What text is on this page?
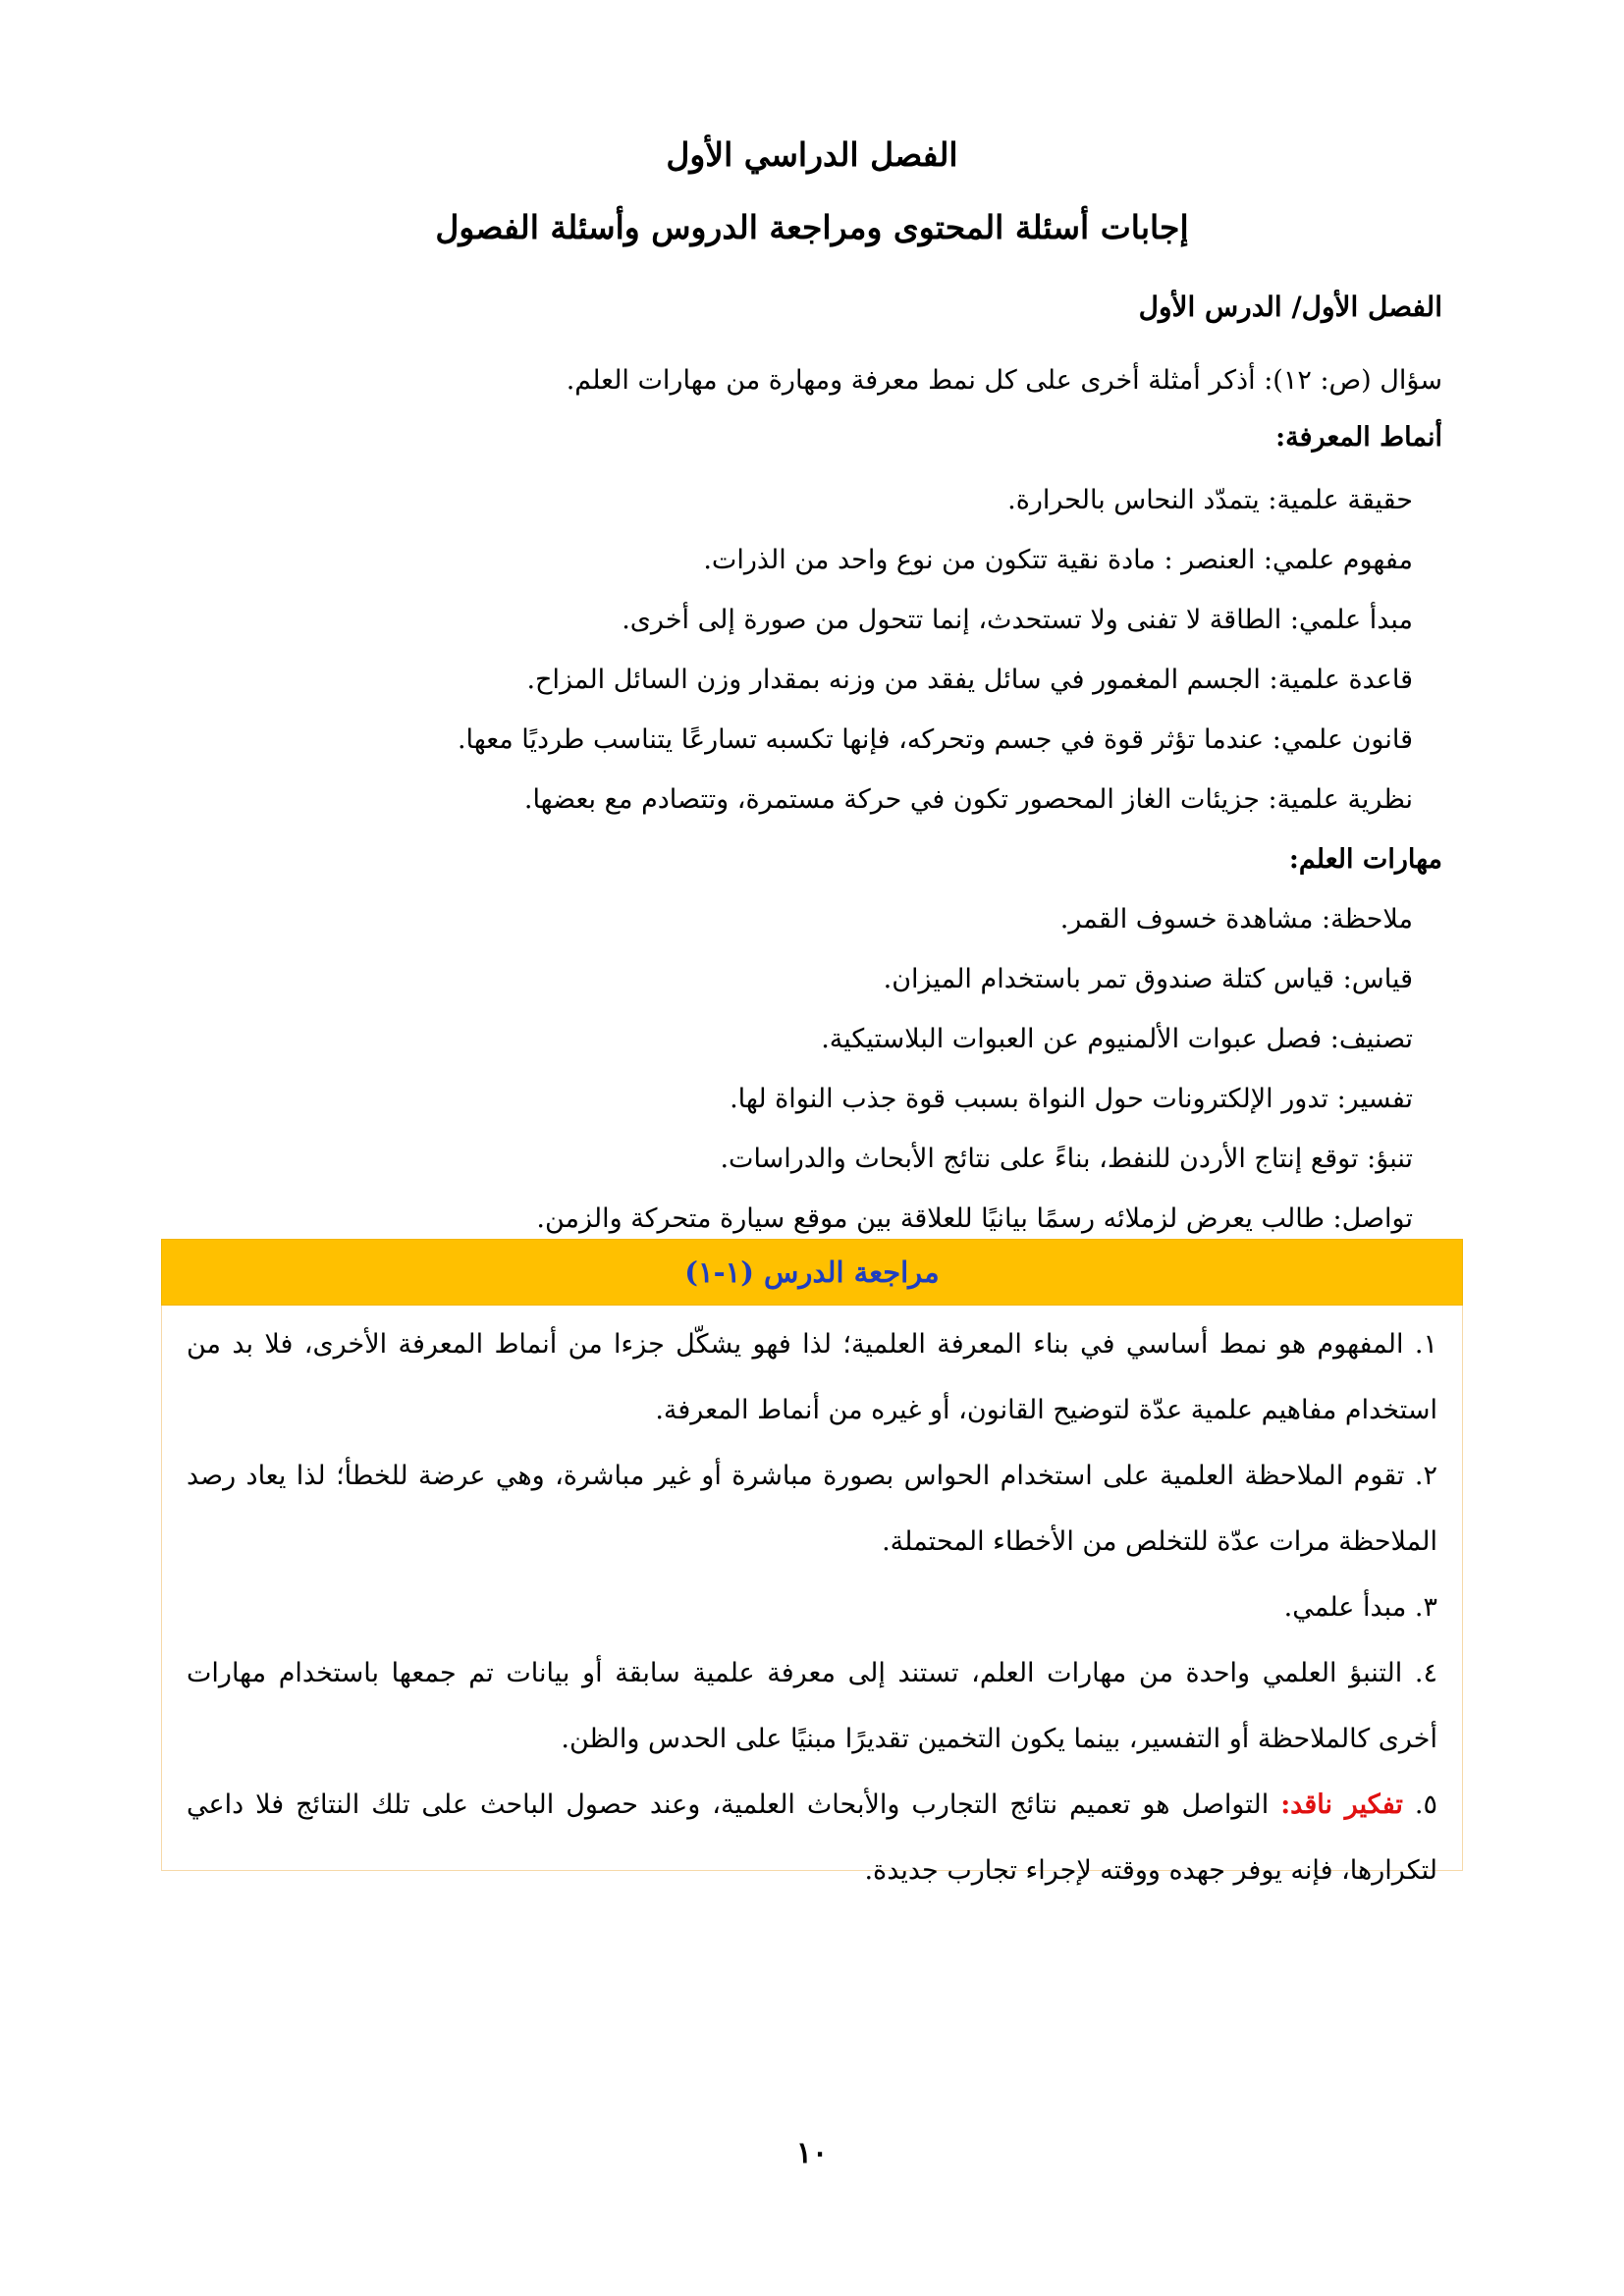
الفصل الدراسي الأول
إجابات أسئلة المحتوى ومراجعة الدروس وأسئلة الفصول
الفصل الأول/ الدرس الأول
سؤال (ص: ١٢): أذكر أمثلة أخرى على كل نمط معرفة ومهارة من مهارات العلم.
أنماط المعرفة:
حقيقة علمية: يتمدّد النحاس بالحرارة.
مفهوم علمي: العنصر : مادة نقية تتكون من نوع واحد من الذرات.
مبدأ علمي: الطاقة لا تفنى ولا تستحدث، إنما تتحول من صورة إلى أخرى.
قاعدة علمية: الجسم المغمور في سائل يفقد من وزنه بمقدار وزن السائل المزاح.
قانون علمي: عندما تؤثر قوة في جسم وتحركه، فإنها تكسبه تسارعًا يتناسب طرديًا معها.
نظرية علمية: جزيئات الغاز المحصور تكون في حركة مستمرة، وتتصادم مع بعضها.
مهارات العلم:
ملاحظة: مشاهدة خسوف القمر.
قياس: قياس كتلة صندوق تمر باستخدام الميزان.
تصنيف: فصل عبوات الألمنيوم عن العبوات البلاستيكية.
تفسير: تدور الإلكترونات حول النواة بسبب قوة جذب النواة لها.
تنبؤ: توقع إنتاج الأردن للنفط، بناءً على نتائج الأبحاث والدراسات.
تواصل: طالب يعرض لزملائه رسمًا بيانيًا للعلاقة بين موقع سيارة متحركة والزمن.
مراجعة الدرس (١-١)
١. المفهوم هو نمط أساسي في بناء المعرفة العلمية؛ لذا فهو يشكّل جزءا من أنماط المعرفة الأخرى، فلا بد من استخدام مفاهيم علمية عدّة لتوضيح القانون، أو غيره من أنماط المعرفة.
٢. تقوم الملاحظة العلمية على استخدام الحواس بصورة مباشرة أو غير مباشرة، وهي عرضة للخطأ؛ لذا يعاد رصد الملاحظة مرات عدّة للتخلص من الأخطاء المحتملة.
٣. مبدأ علمي.
٤. التنبؤ العلمي واحدة من مهارات العلم، تستند إلى معرفة علمية سابقة أو بيانات تم جمعها باستخدام مهارات أخرى كالملاحظة أو التفسير، بينما يكون التخمين تقديرًا مبنيًا على الحدس والظن.
٥. تفكير ناقد: التواصل هو تعميم نتائج التجارب والأبحاث العلمية، وعند حصول الباحث على تلك النتائج فلا داعي لتكرارها، فإنه يوفر جهده ووقته لإجراء تجارب جديدة.
١٠
